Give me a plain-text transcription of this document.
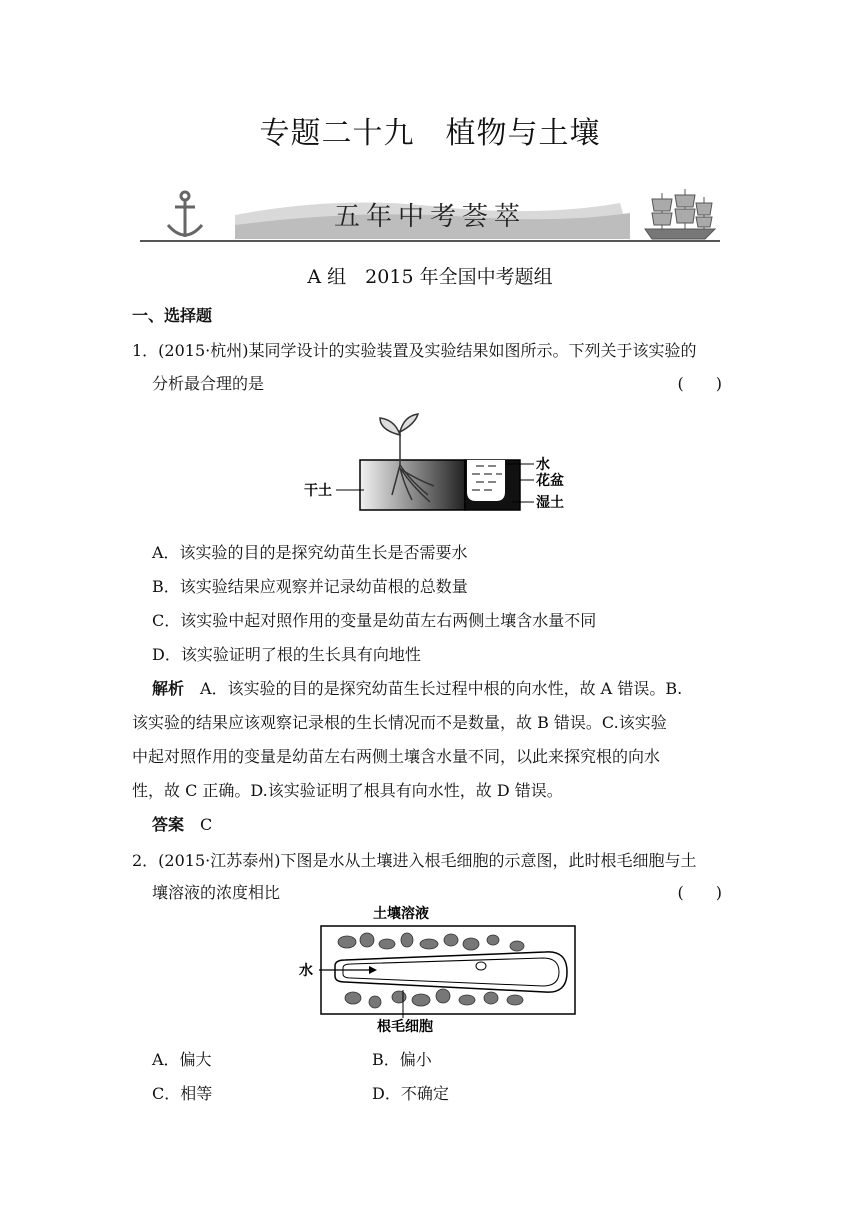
专题二十九　植物与土壤
五年中考荟萃
A 组　2015 年全国中考题组
一、选择题
1．(2015·杭州)某同学设计的实验装置及实验结果如图所示。下列关于该实验的
分析最合理的是	(　　)
干土
水
花盆
湿土
A．该实验的目的是探究幼苗生长是否需要水
B．该实验结果应观察并记录幼苗根的总数量
C．该实验中起对照作用的变量是幼苗左右两侧土壤含水量不同
D．该实验证明了根的生长具有向地性
解析　 A．该实验的目的是探究幼苗生长过程中根的向水性，故 A 错误。B.
该实验的结果应该观察记录根的生长情况而不是数量，故 B 错误。C.该实验
中起对照作用的变量是幼苗左右两侧土壤含水量不同，以此来探究根的向水
性，故 C 正确。D.该实验证明了根具有向水性，故 D 错误。
答案　 C
2．(2015·江苏泰州)下图是水从土壤进入根毛细胞的示意图，此时根毛细胞与土
壤溶液的浓度相比	(　　)
土壤溶液
水
根毛细胞
A．偏大	B．偏小
C．相等	D．不确定
